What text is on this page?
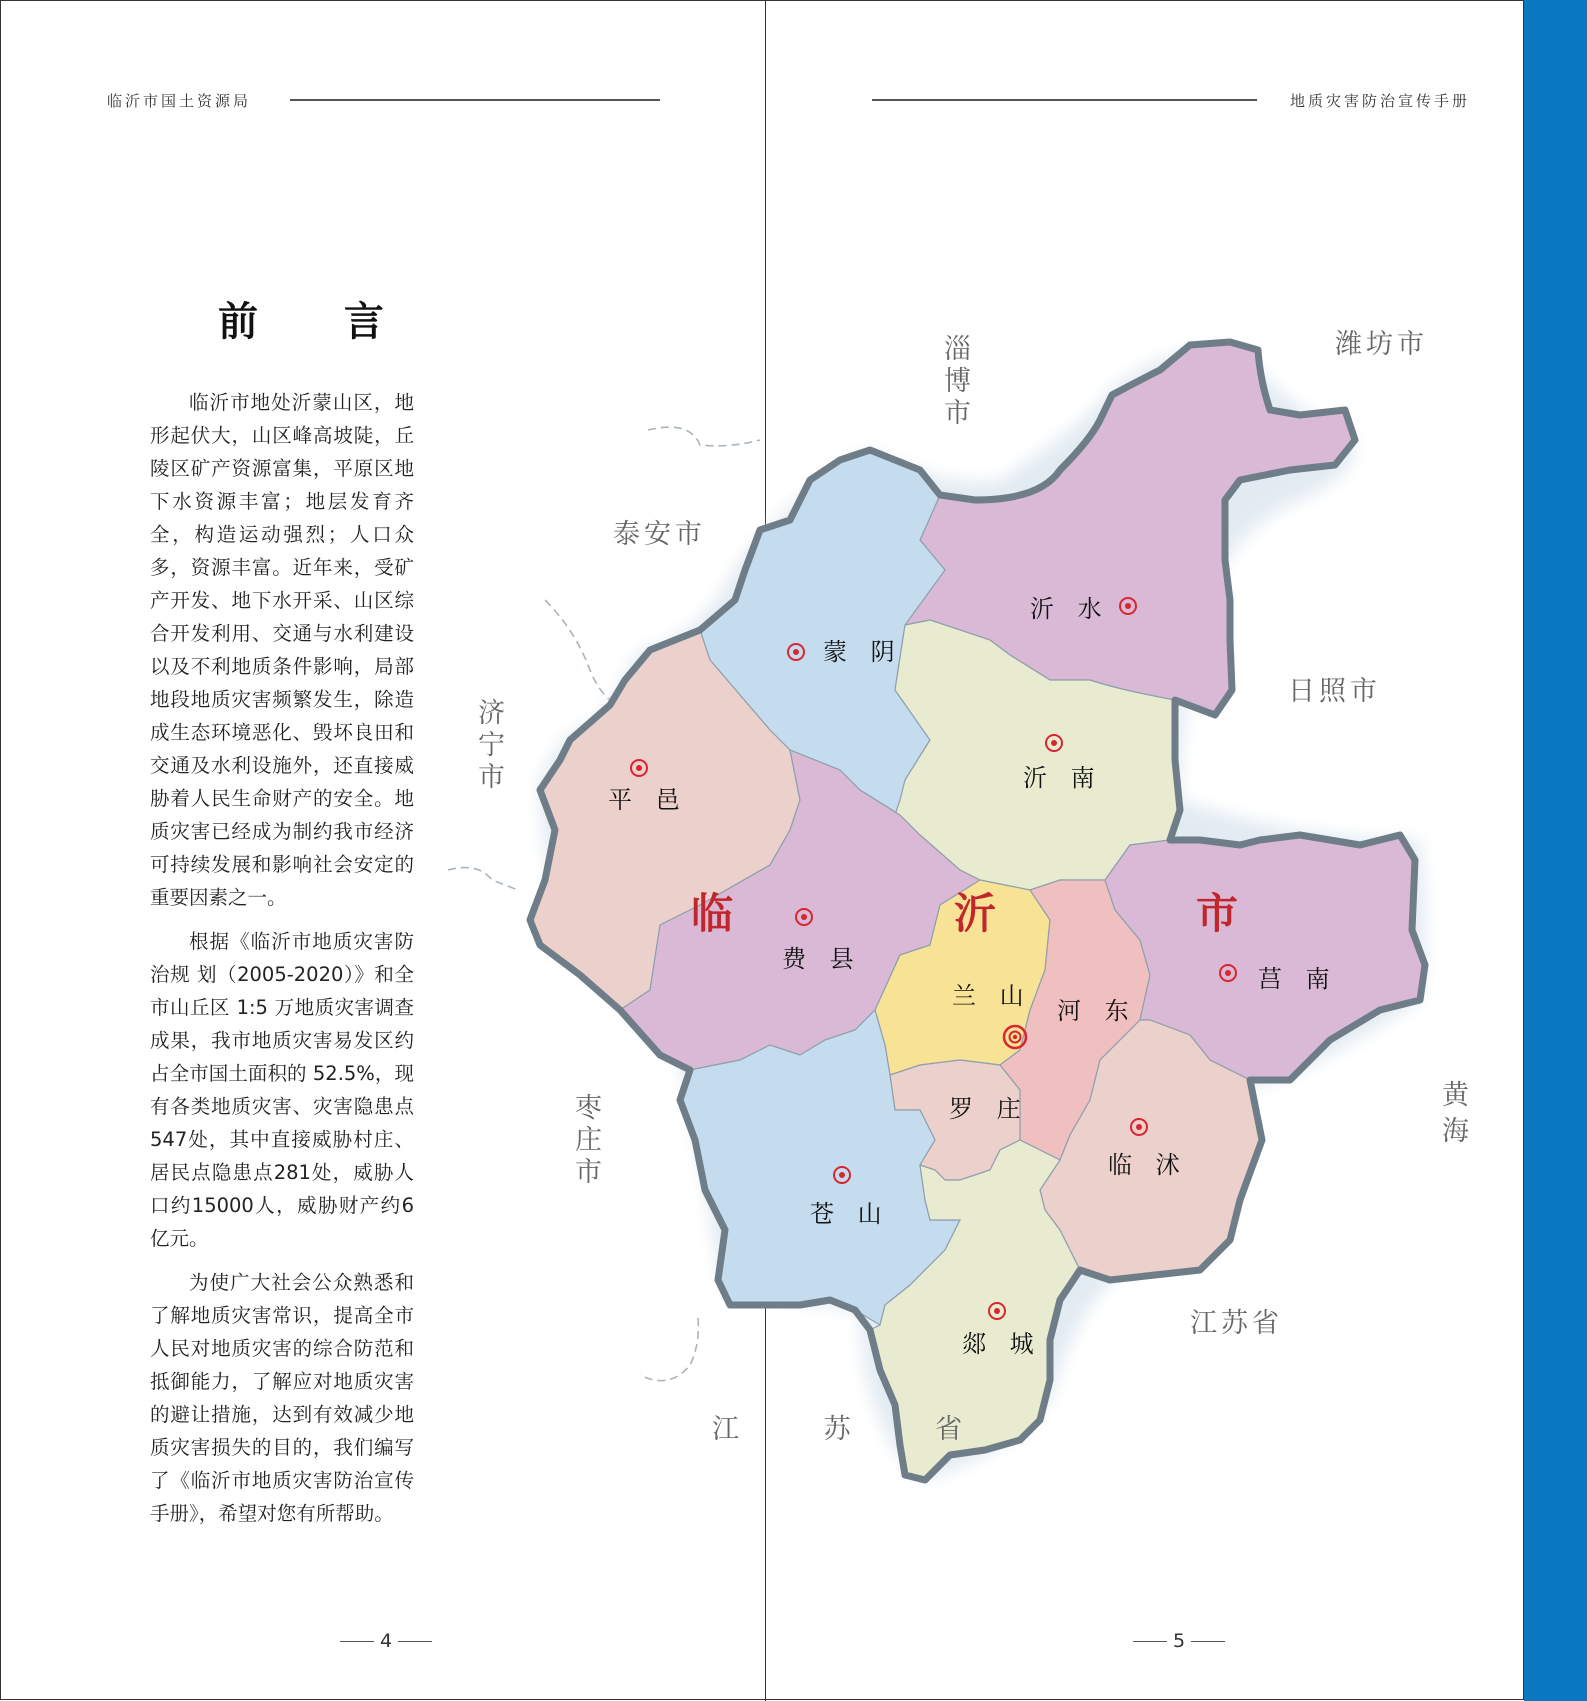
临沂市国土资源局	地质灾害防治宣传手册
前 言

临沂市地处沂蒙山区，地形起伏大，山区峰高坡陡，丘陵区矿产资源富集，平原区地下水资源丰富；地层发育齐全，构造运动强烈；人口众多，资源丰富。近年来，受矿产开发、地下水开采、山区综合开发利用、交通与水利建设以及不利地质条件影响，局部地段地质灾害频繁发生，除造成生态环境恶化、毁坏良田和交通及水利设施外，还直接威胁着人民生命财产的安全。地质灾害已经成为制约我市经济可持续发展和影响社会安定的重要因素之一。

根据《临沂市地质灾害防治规 划（2005-2020）》和全市山丘区 1:5 万地质灾害调查成果，我市地质灾害易发区约占全市国土面积的 52.5%，现有各类地质灾害、灾害隐患点547处，其中直接威胁村庄、居民点隐患点281处，威胁人口约15000人，威胁财产约6亿元。

为使广大社会公众熟悉和了解地质灾害常识，提高全市人民对地质灾害的综合防范和抵御能力，了解应对地质灾害的避让措施，达到有效减少地质灾害损失的目的，我们编写了《临沂市地质灾害防治宣传手册》，希望对您有所帮助。

沂 水
蒙 阴
沂 南
平 邑
费 县
兰 山
河 东
莒 南
罗 庄
临 沭
苍 山
郯 城
临	沂	市
淄
博
市
潍坊市
泰安市
日照市
济
宁
市
枣
庄
市
黄
海
江苏省
江 苏 省
4	5
